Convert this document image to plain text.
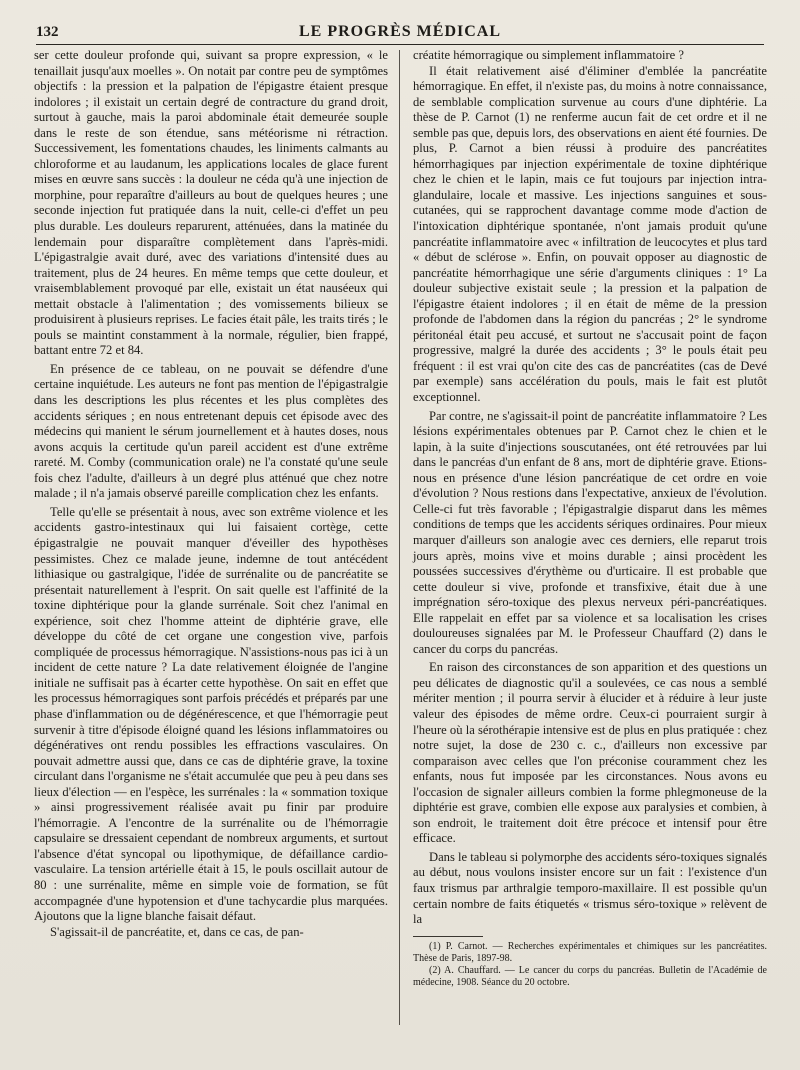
132	LE PROGRÈS MÉDICAL

ser cette douleur profonde qui, suivant sa propre expression, « le tenaillait jusqu'aux moelles ». On notait par contre peu de symptômes objectifs : la pression et la palpation de l'épigastre étaient presque indolores ; il existait un certain degré de contracture du grand droit, surtout à gauche, mais la paroi abdominale était demeurée souple dans le reste de son étendue, sans météorisme ni rétraction. Successivement, les fomentations chaudes, les liniments calmants au chloroforme et au laudanum, les applications locales de glace furent mises en œuvre sans succès : la douleur ne céda qu'à une injection de morphine, pour reparaître d'ailleurs au bout de quelques heures ; une seconde injection fut pratiquée dans la nuit, celle-ci d'effet un peu plus durable. Les douleurs reparurent, atténuées, dans la matinée du lendemain pour disparaître complètement dans l'après-midi. L'épigastralgie avait duré, avec des variations d'intensité dues au traitement, plus de 24 heures. En même temps que cette douleur, et vraisemblablement provoqué par elle, existait un état nauséeux qui mettait obstacle à l'alimentation ; des vomissements bilieux se produisirent à plusieurs reprises. Le facies était pâle, les traits tirés ; le pouls se maintint constamment à la normale, régulier, bien frappé, battant entre 72 et 84.

En présence de ce tableau, on ne pouvait se défendre d'une certaine inquiétude. Les auteurs ne font pas mention de l'épigastralgie dans les descriptions les plus récentes et les plus complètes des accidents sériques ; en nous entretenant depuis cet épisode avec des médecins qui manient le sérum journellement et à hautes doses, nous avons acquis la certitude qu'un pareil accident est d'une extrême rareté. M. Comby (communication orale) ne l'a constaté qu'une seule fois chez l'adulte, d'ailleurs à un degré plus atténué que chez notre malade ; il n'a jamais observé pareille complication chez les enfants.

Telle qu'elle se présentait à nous, avec son extrême violence et les accidents gastro-intestinaux qui lui faisaient cortège, cette épigastralgie ne pouvait manquer d'éveiller des hypothèses pessimistes. Chez ce malade jeune, indemne de tout antécédent lithiasique ou gastralgique, l'idée de surrénalite ou de pancréatite se présentait naturellement à l'esprit. On sait quelle est l'affinité de la toxine diphtérique pour la glande surrénale. Soit chez l'animal en expérience, soit chez l'homme atteint de diphtérie grave, elle développe du côté de cet organe une congestion vive, parfois compliquée de processus hémorragique. N'assistions-nous pas ici à un incident de cette nature ? La date relativement éloignée de l'angine initiale ne suffisait pas à écarter cette hypothèse. On sait en effet que les processus hémorragiques sont parfois précédés et préparés par une phase d'inflammation ou de dégénérescence, et que l'hémorragie peut survenir à titre d'épisode éloigné quand les lésions inflammatoires ou dégénératives ont rendu possibles les effractions vasculaires. On pouvait admettre aussi que, dans ce cas de diphtérie grave, la toxine circulant dans l'organisme ne s'était accumulée que peu à peu dans ses lieux d'élection — en l'espèce, les surrénales : la « sommation toxique » ainsi progressivement réalisée avait pu finir par produire l'hémorragie. A l'encontre de la surrénalite ou de l'hémorragie capsulaire se dressaient cependant de nombreux arguments, et surtout l'absence d'état syncopal ou lipothymique, de défaillance cardio-vasculaire. La tension artérielle était à 15, le pouls oscillait autour de 80 : une surrénalite, même en simple voie de formation, se fût accompagnée d'une hypotension et d'une tachycardie plus marquées. Ajoutons que la ligne blanche faisait défaut.

S'agissait-il de pancréatite, et, dans ce cas, de pan-

créatite hémorragique ou simplement inflammatoire ?

Il était relativement aisé d'éliminer d'emblée la pancréatite hémorragique. En effet, il n'existe pas, du moins à notre connaissance, de semblable complication survenue au cours d'une diphtérie. La thèse de P. Carnot (1) ne renferme aucun fait de cet ordre et il ne semble pas que, depuis lors, des observations en aient été fournies. De plus, P. Carnot a bien réussi à produire des pancréatites hémorrhagiques par injection expérimentale de toxine diphtérique chez le chien et le lapin, mais ce fut toujours par injection intra-glandulaire, locale et massive. Les injections sanguines et sous-cutanées, qui se rapprochent davantage comme mode d'action de l'intoxication diphtérique spontanée, n'ont jamais produit qu'une pancréatite inflammatoire avec « infiltration de leucocytes et plus tard « début de sclérose ». Enfin, on pouvait opposer au diagnostic de pancréatite hémorrhagique une série d'arguments cliniques : 1° La douleur subjective existait seule ; la pression et la palpation de l'épigastre étaient indolores ; il en était de même de la pression profonde de l'abdomen dans la région du pancréas ; 2° le syndrome péritonéal était peu accusé, et surtout ne s'accusait point de façon progressive, malgré la durée des accidents ; 3° le pouls était peu fréquent : il est vrai qu'on cite des cas de pancréatites (cas de Devé par exemple) sans accélération du pouls, mais le fait est plutôt exceptionnel.

Par contre, ne s'agissait-il point de pancréatite inflammatoire ? Les lésions expérimentales obtenues par P. Carnot chez le chien et le lapin, à la suite d'injections souscutanées, ont été retrouvées par lui dans le pancréas d'un enfant de 8 ans, mort de diphtérie grave. Etions-nous en présence d'une lésion pancréatique de cet ordre en voie d'évolution ? Nous restions dans l'expectative, anxieux de l'évolution. Celle-ci fut très favorable ; l'épigastralgie disparut dans les mêmes conditions de temps que les accidents sériques ordinaires. Pour mieux marquer d'ailleurs son analogie avec ces derniers, elle reparut trois jours après, moins vive et moins durable ; ainsi procèdent les poussées successives d'érythème ou d'urticaire. Il est probable que cette douleur si vive, profonde et transfixive, était due à une imprégnation séro-toxique des plexus nerveux péri-pancréatiques. Elle rappelait en effet par sa violence et sa localisation les crises douloureuses signalées par M. le Professeur Chauffard (2) dans le cancer du corps du pancréas.

En raison des circonstances de son apparition et des questions un peu délicates de diagnostic qu'il a soulevées, ce cas nous a semblé mériter mention ; il pourra servir à élucider et à réduire à leur juste valeur des épisodes de même ordre. Ceux-ci pourraient surgir à l'heure où la sérothérapie intensive est de plus en plus pratiquée : chez notre sujet, la dose de 230 c. c., d'ailleurs non excessive par comparaison avec celles que l'on préconise couramment chez les enfants, nous fut imposée par les circonstances. Nous avons eu l'occasion de signaler ailleurs combien la forme phlegmoneuse de la diphtérie est grave, combien elle expose aux paralysies et combien, à son endroit, le traitement doit être précoce et intensif pour être efficace.

Dans le tableau si polymorphe des accidents séro-toxiques signalés au début, nous voulons insister encore sur un fait : l'existence d'un faux trismus par arthralgie temporo-maxillaire. Il est possible qu'un certain nombre de faits étiquetés « trismus séro-toxique » relèvent de la

(1) P. Carnot. — Recherches expérimentales et chimiques sur les pancréatites. Thèse de Paris, 1897-98.

(2) A. Chauffard. — Le cancer du corps du pancréas. Bulletin de l'Académie de médecine, 1908. Séance du 20 octobre.
